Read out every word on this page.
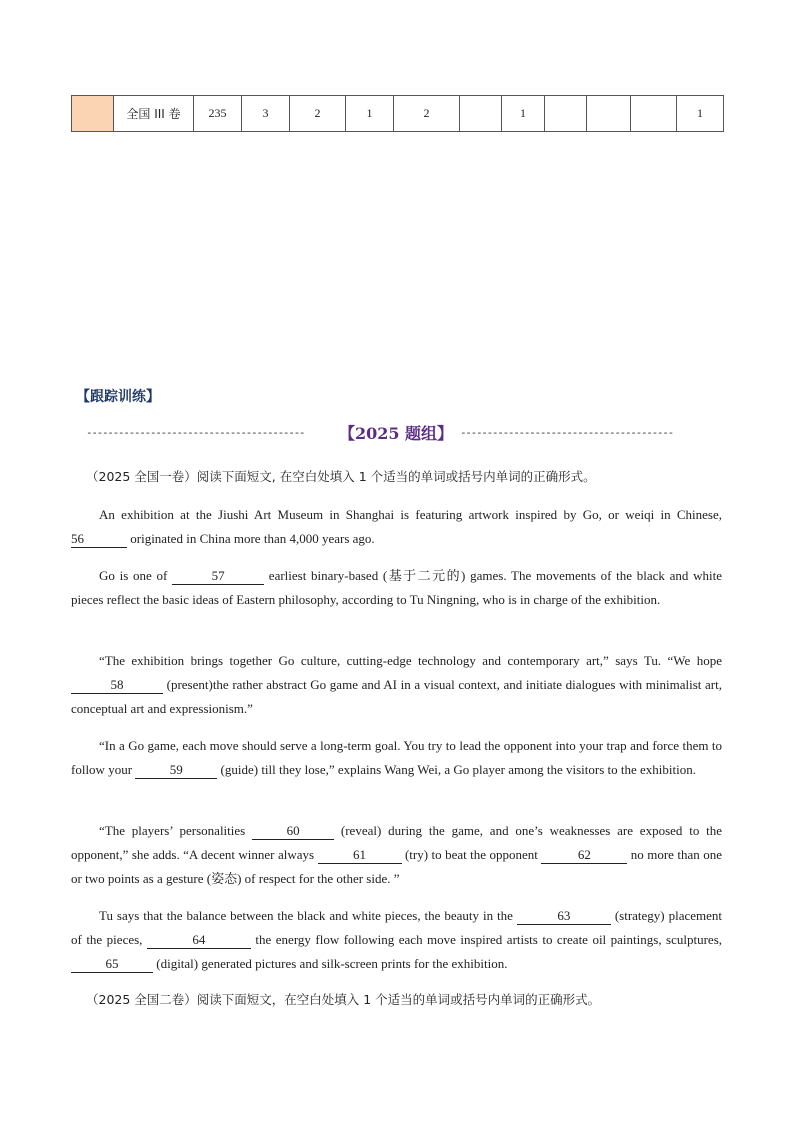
	全国 III 卷	235	3	2	1	2		1				1
【跟踪训练】
-----------------------------------------	【2025 题组】 ----------------------------------------
（2025 全国一卷）阅读下面短文, 在空白处填入 1 个适当的单词或括号内单词的正确形式。
An exhibition at the Jiushi Art Museum in Shanghai is featuring artwork inspired by Go, or weiqi in Chinese, 56	originated in China more than 4,000 years ago.
Go is one of	57	earliest binary-based (基于二元的) games. The movements of the black and white pieces reflect the basic ideas of Eastern philosophy, according to Tu Ningning, who is in charge of the exhibition.
“The exhibition brings together Go culture, cutting-edge technology and contemporary art,” says Tu. “We hope 58	(present)the rather abstract Go game and AI in a visual context, and initiate dialogues with minimalist art, conceptual art and expressionism.”
“In a Go game, each move should serve a long-term goal. You try to lead the opponent into your trap and force them to follow your	59	(guide) till they lose,” explains Wang Wei, a Go player among the visitors to the exhibition.
“The players’ personalities	60	(reveal) during the game, and one’s weaknesses are exposed to the opponent,” she adds. “A decent winner always	61	(try) to beat the opponent	62	no more than one or two points as a gesture (姿态) of respect for the other side. ”
Tu says that the balance between the black and white pieces, the beauty in the	63	(strategy) placement of the pieces,	64	the energy flow following each move inspired artists to create oil paintings, sculptures, 65	(digital) generated pictures and silk-screen prints for the exhibition.
（2025 全国二卷）阅读下面短文，在空白处填入 1 个适当的单词或括号内单词的正确形式。
